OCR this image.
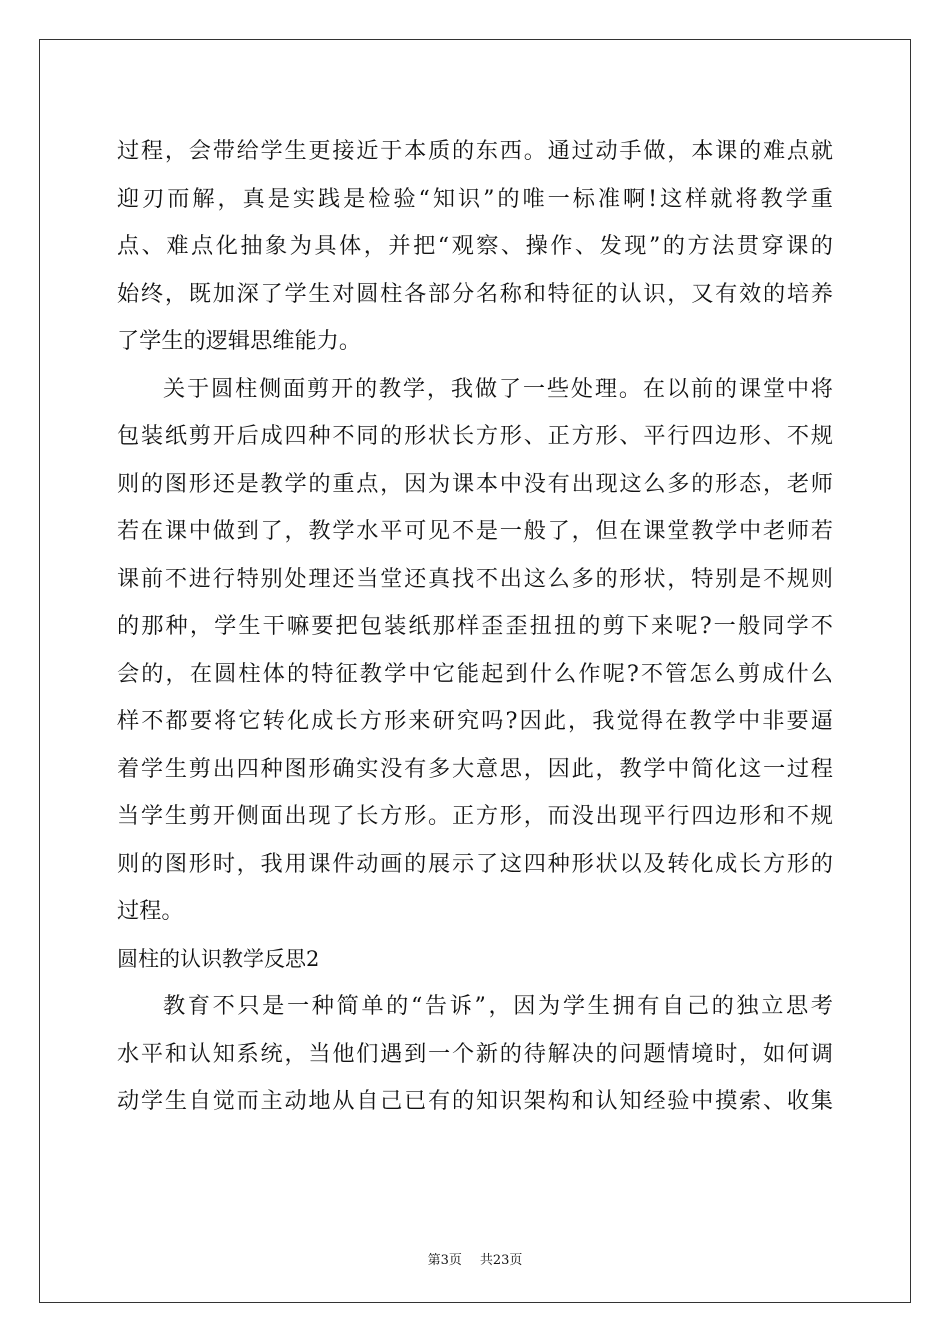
过程，会带给学生更接近于本质的东西。通过动手做，本课的难点就
迎刃而解，真是实践是检验“知识”的唯一标准啊!这样就将教学重
点、难点化抽象为具体，并把“观察、操作、发现”的方法贯穿课的
始终，既加深了学生对圆柱各部分名称和特征的认识，又有效的培养
了学生的逻辑思维能力。
关于圆柱侧面剪开的教学，我做了一些处理。在以前的课堂中将
包装纸剪开后成四种不同的形状长方形、正方形、平行四边形、不规
则的图形还是教学的重点，因为课本中没有出现这么多的形态，老师
若在课中做到了，教学水平可见不是一般了，但在课堂教学中老师若
课前不进行特别处理还当堂还真找不出这么多的形状，特别是不规则
的那种，学生干嘛要把包装纸那样歪歪扭扭的剪下来呢?一般同学不
会的，在圆柱体的特征教学中它能起到什么作呢?不管怎么剪成什么
样不都要将它转化成长方形来研究吗?因此，我觉得在教学中非要逼
着学生剪出四种图形确实没有多大意思，因此，教学中简化这一过程
当学生剪开侧面出现了长方形。正方形，而没出现平行四边形和不规
则的图形时，我用课件动画的展示了这四种形状以及转化成长方形的
过程。
圆柱的认识教学反思2
教育不只是一种简单的“告诉”，因为学生拥有自己的独立思考
水平和认知系统，当他们遇到一个新的待解决的问题情境时，如何调
动学生自觉而主动地从自己已有的知识架构和认知经验中摸索、收集
第3页 共23页
